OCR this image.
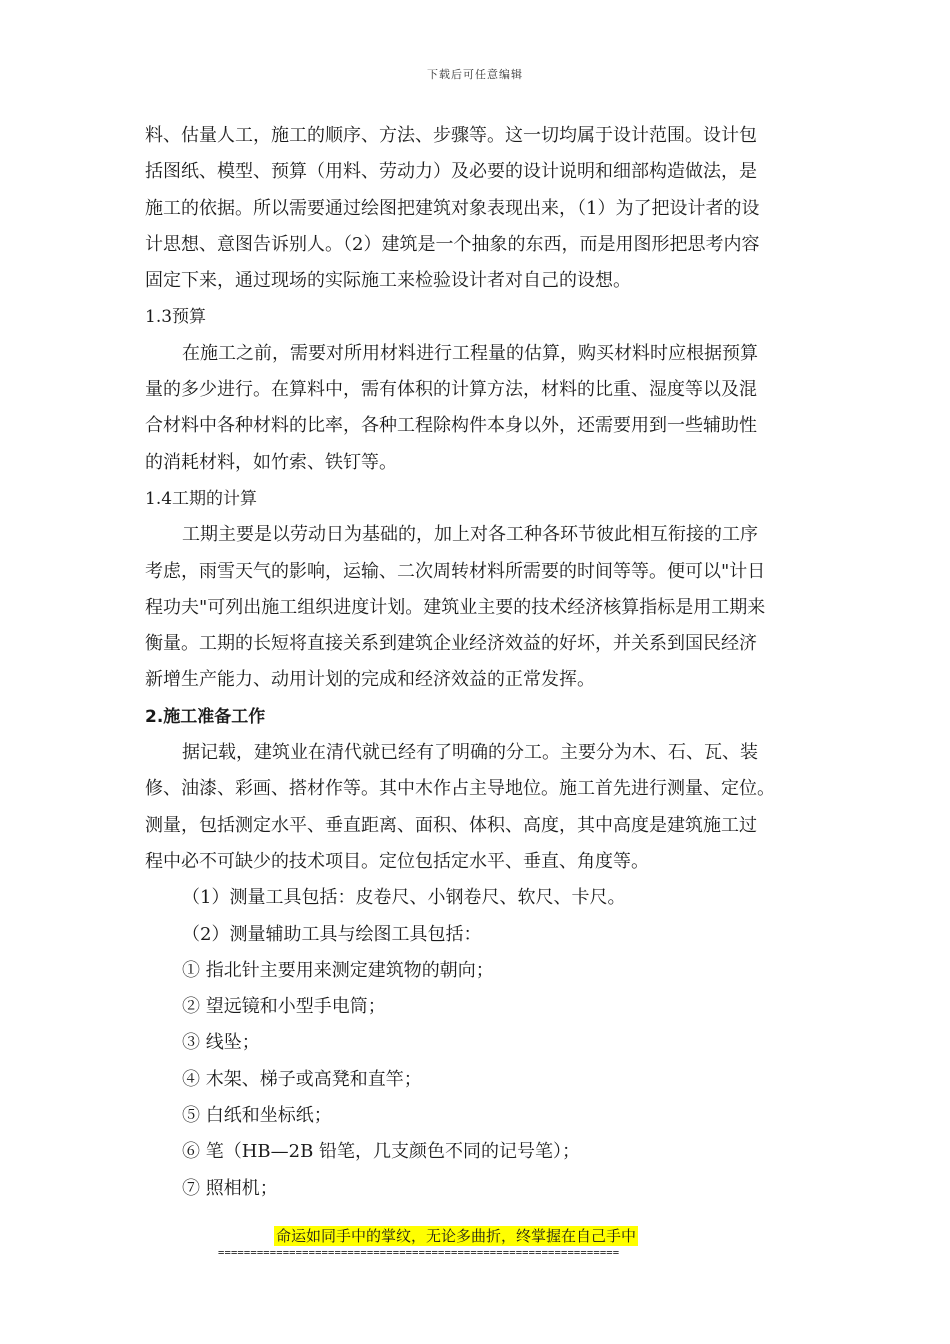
下载后可任意编辑
料、估量人工，施工的顺序、方法、步骤等。这一切均属于设计范围。设计包
括图纸、模型、预算（用料、劳动力）及必要的设计说明和细部构造做法，是
施工的依据。所以需要通过绘图把建筑对象表现出来，（1）为了把设计者的设
计思想、意图告诉别人。（2）建筑是一个抽象的东西，而是用图形把思考内容
固定下来，通过现场的实际施工来检验设计者对自己的设想。
1.3预算
在施工之前，需要对所用材料进行工程量的估算，购买材料时应根据预算
量的多少进行。在算料中，需有体积的计算方法，材料的比重、湿度等以及混
合材料中各种材料的比率，各种工程除构件本身以外，还需要用到一些辅助性
的消耗材料，如竹索、铁钉等。
1.4工期的计算
工期主要是以劳动日为基础的，加上对各工种各环节彼此相互衔接的工序
考虑，雨雪天气的影响，运输、二次周转材料所需要的时间等等。便可以"计日
程功夫"可列出施工组织进度计划。建筑业主要的技术经济核算指标是用工期来
衡量。工期的长短将直接关系到建筑企业经济效益的好坏，并关系到国民经济
新增生产能力、动用计划的完成和经济效益的正常发挥。
2.施工准备工作
据记载，建筑业在清代就已经有了明确的分工。主要分为木、石、瓦、装
修、油漆、彩画、搭材作等。其中木作占主导地位。施工首先进行测量、定位。
测量，包括测定水平、垂直距离、面积、体积、高度，其中高度是建筑施工过
程中必不可缺少的技术项目。定位包括定水平、垂直、角度等。
（1）测量工具包括：皮卷尺、小钢卷尺、软尺、卡尺。
（2）测量辅助工具与绘图工具包括：
① 指北针主要用来测定建筑物的朝向；
② 望远镜和小型手电筒；
③ 线坠；
④ 木架、梯子或高凳和直竿；
⑤ 白纸和坐标纸；
⑥ 笔（HB—2B 铅笔，几支颜色不同的记号笔）；
⑦ 照相机；
命运如同手中的掌纹，无论多曲折，终掌握在自己手中
==============================================================
